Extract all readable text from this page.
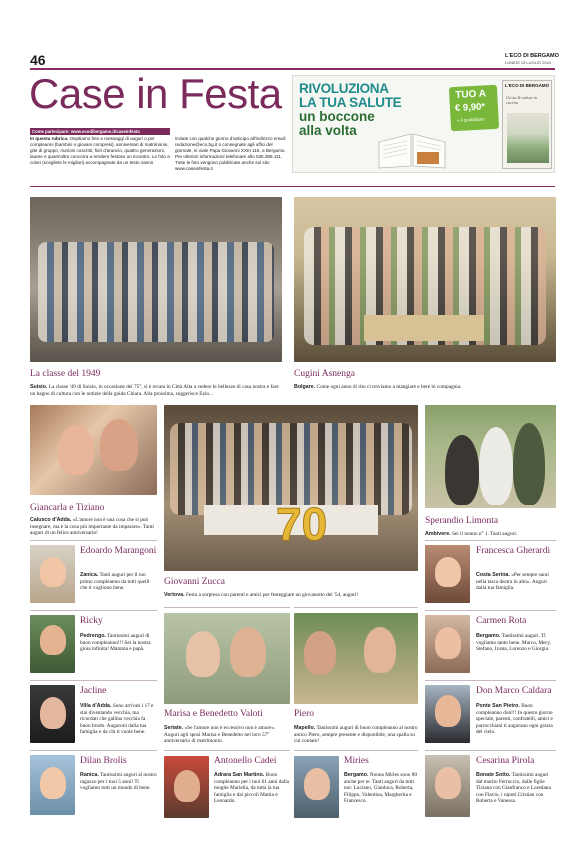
46	L'ECO DI BERGAMO
LUNEDÌ 15 LUGLIO 2024
Case in Festa
Come partecipare: www.ecodibergamo.it/caseinfesta
In questa rubrica. Ospitiamo foto e messaggi di auguri o per compleanni (bambini o giovani compresi), anniversari di matrimonio, gite di gruppo, riunioni coscritti, fiori d'arancio, quattro generazioni, lauree e quant'altro concorra a rendere festoso un incontro. Le foto a colori (scegliete le migliori) accompagnate da un testo vanno
inviate con qualche giorno d'anticipo all'indirizzo email: redazione@eco.bg.it o consegnate agli uffici del giornale, in viale Papa Giovanni XXIII 118, a Bergamo. Per ulteriori informazioni telefonare allo 035.386.111. Tutte le foto vengono pubblicate anche sul sito www.caseinfesta.it
RIVOLUZIONA
LA TUA SALUTE
un boccone
alla volta
TUO A
€ 9,90*
+ il quotidiano
L'ECO DI BERGAMO
Gioia & salute in cucina
La classe del 1949
Suisio. La classe '49 di Suisio, in occasione del 75°, si è recata in Città Alta a vedere le bellezze di casa nostra e fare un bagno di cultura con le notizie della guida Chiara. Alla prossima, suggerisce Ezio...
Cugini Asnenga
Bolgare. Come ogni anno di rito ci troviamo a mangiare e bere in compagnia.
Giancarla e Tiziano
Calusco d'Adda. «L'amore non è una cosa che si può insegnare, ma è la cosa più importante da imparare». Tanti auguri di un felice anniversario!	70
Giovanni Zucca
Vertova. Festa a sorpresa con parenti e amici per festeggiare un giovanotto del '54, auguri!
Sperandio Limonta
Ambivere. Sei il nonno n° 1. Tanti auguri.
Edoardo Marangoni
Zanica. Tanti auguri per il tuo primo compleanno da tutti quelli che ti vogliono bene.
Ricky
Pedrengo. Tantissimi auguri di buon compleanno!!! Sei la nostra gioia infinita! Mamma e papà.
Jacline
Villa d'Adda. Sono arrivati i 17 e stai diventando vecchia, ma ricordati che gallina vecchia fa buon brodo. Auguroni dalla tua famiglia e da chi ti vuole bene.
Dilan Brolis
Ranica. Tantissimi auguri al nostro ragazzo per i tuoi 5 anni! Ti vogliamo tutti un mondo di bene.
Marisa e Benedetto Valoti
Seriate. «Se l'amore non è eccessivo non è amore». Auguri agli sposi Marisa e Benedetto nel loro 57° anniversario di matrimonio.
Piero
Mapello. Tantissimi auguri di buon compleanno al nostro amico Piero, sempre presente e disponibile, una spalla su cui contare!
Antonello Cadei
Adrara San Martino. Buon compleanno per i tuoi 61 anni dalla moglie Mariella, da tutta la tua famiglia e dai piccoli Mattia e Leonardo.
Miries
Bergamo. Nonna Miries sono 80 anche per te. Tanti auguri da tutti noi: Luciano, Gianluca, Roberta, Filippo, Valentina, Margherita e Francesco.
Francesca Gherardi
Costa Serina. «Per sempre sarai nella tasca destra in alto». Auguri dalla tua famiglia.
Carmen Rota
Bergamo. Tantissimi auguri. Ti vogliamo tanto bene. Marco, Mery, Stefano, Ivana, Lorenzo e Giorgia.
Don Marco Caldara
Ponte San Pietro. Buon compleanno don!!! In questo giorno speciale, parenti, confratelli, amici e parrocchiani ti augurano ogni grazia del cielo.
Cesarina Pirola
Bonate Sotto. Tantissimi auguri dal marito Ferruccio, dalle figlie Tiziana con Gianfranco e Loredana con Flavio, i nipoti Cristian con Roberta e Vanessa.
